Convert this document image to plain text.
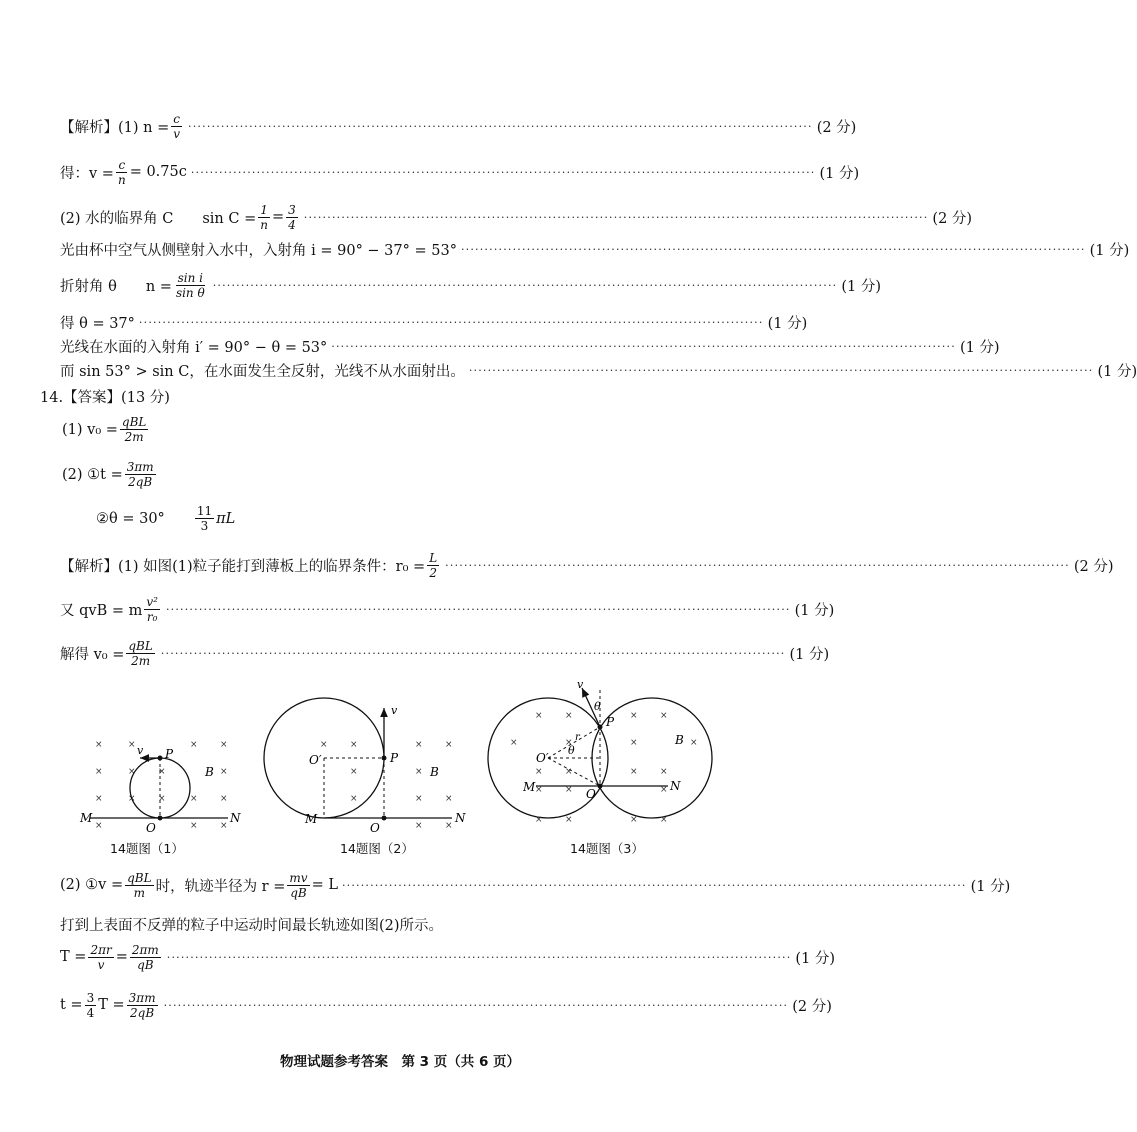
【解析】(1) $n = \frac{c}{v}$ ····································································································································· (2 分)
得：$v = \frac{c}{n} = 0.75c$ ····································································································································· (1 分)
(2) 水的临界角 C　　$\sin C = \frac{1}{n} = \frac{3}{4}$ ····································································································································· (2 分)
光由杯中空气从侧壁射入水中，入射角 i = 90° − 37° = 53° ····································································································································· (1 分)
折射角 θ　　$n = \frac{\text{sin i}}{\text{sin θ}}$ ····································································································································· (1 分)
得 θ = 37° ····································································································································· (1 分)
光线在水面的入射角 i′ = 90° − θ = 53° ····································································································································· (1 分)
而 sin 53° > sin C，在水面发生全反射，光线不从水面射出。 ····································································································································· (1 分)
14.【答案】(13 分)
(1) $v_0 = \frac{\text{qBL}}{2m}$
(2) ①t = $\frac{3\pi m}{2qB}$
②θ = 30°	$\frac{11}{3}$ πL
【解析】(1) 如图(1)粒子能打到薄板上的临界条件：$r_0 = \frac{L}{2}$ ····································································································································· (2 分)
又 qvB = m $\frac{\text{v²}}{\text{r₀}}$ ····································································································································· (1 分)
解得 $v_0 = \frac{\text{qBL}}{2m}$ ····································································································································· (1 分)
×	×	× ×
×	× ×	×
×	× ×	× ×
×	× ×
v P
O
M	N
B
× ×	× ×
×	×
×	× ×
× ×
v
P
O′
O
M	N
B
× ×	× ×
×	×	×	×
× ×	× ×
× ×	×
× ×	× ×
v
θ
P
r
θ
O′
O
M	N
B
14题图（1）	14题图（2）	14题图（3）
(2) ①v = $\frac{\text{qBL}}{m}$ 时，轨迹半径为 $r = \frac{mv}{qB} = L$ ····································································································································· (1 分)
打到上表面不反弹的粒子中运动时间最长轨迹如图(2)所示。
$T = \frac{2\pi r}{v} = \frac{2\pi m}{qB}$ ····································································································································· (1 分)
$t = \frac{3}{4}$ $T = \frac{3\pi m}{2qB}$ ····································································································································· (2 分)
物理试题参考答案　第 3 页（共 6 页）
